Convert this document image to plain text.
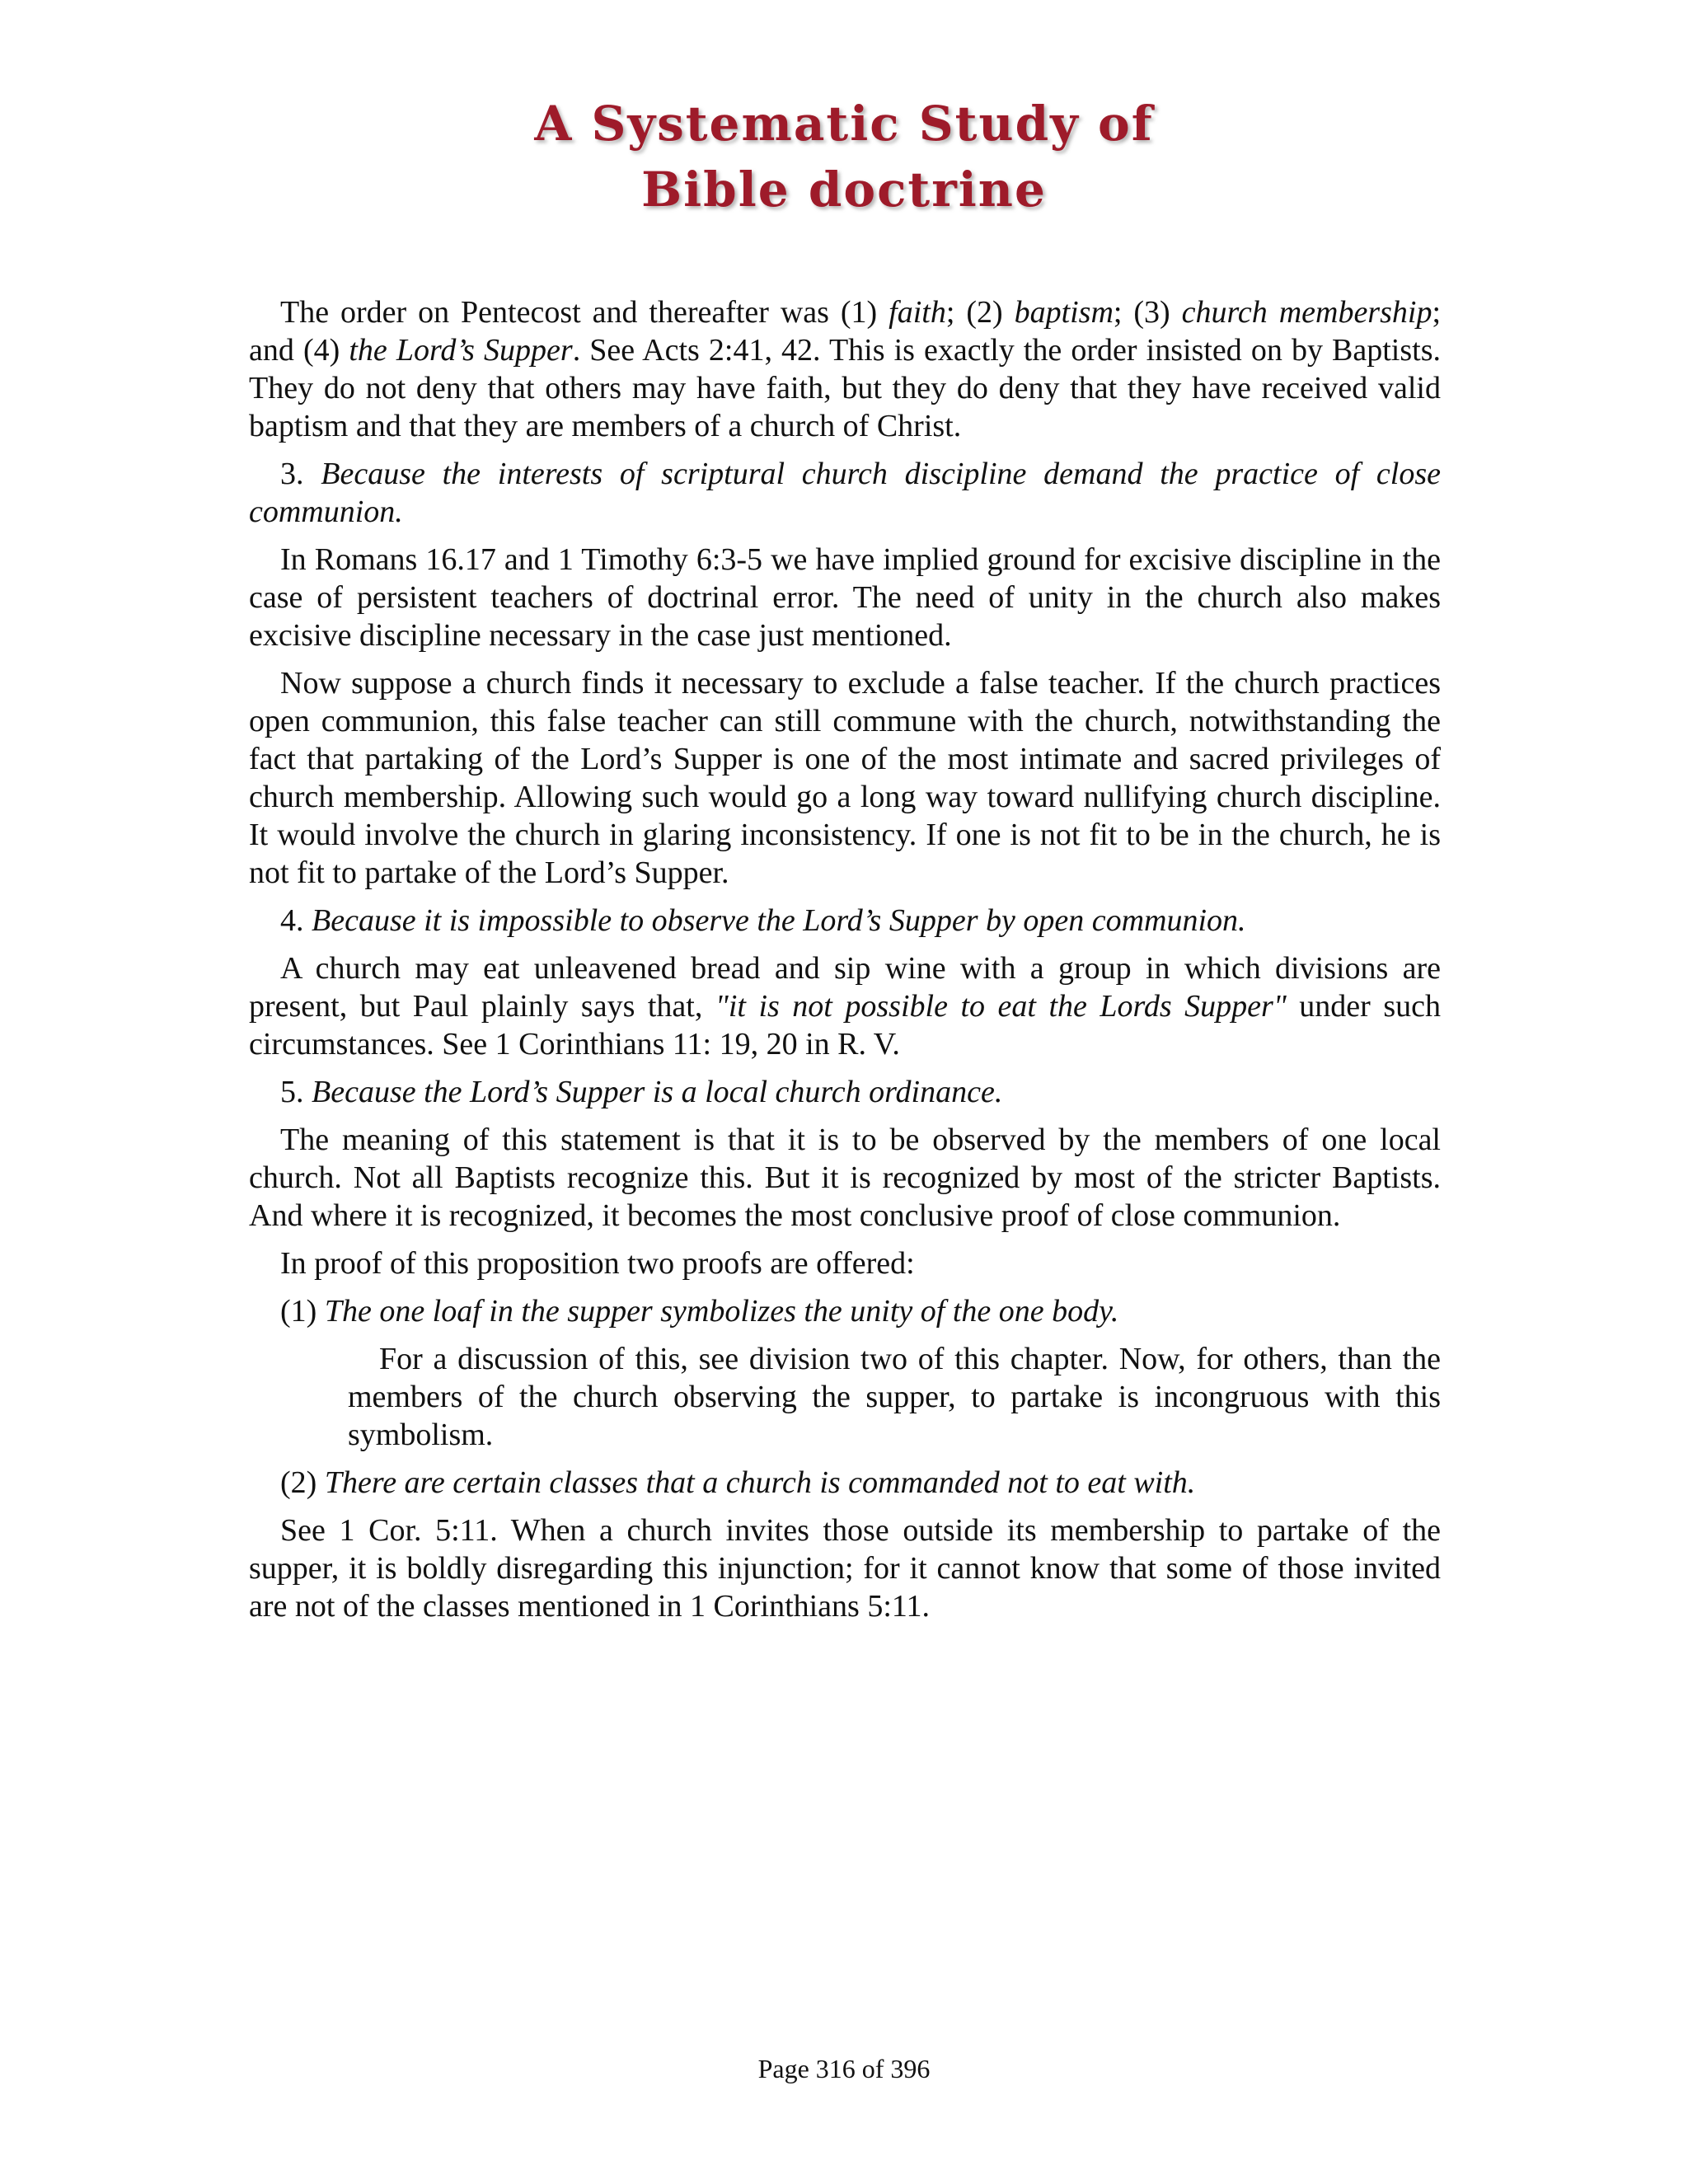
A Systematic Study of
Bible doctrine

The order on Pentecost and thereafter was (1) faith; (2) baptism; (3) church membership; and (4) the Lord’s Supper. See Acts 2:41, 42. This is exactly the order insisted on by Baptists. They do not deny that others may have faith, but they do deny that they have received valid baptism and that they are members of a church of Christ.

3. Because the interests of scriptural church discipline demand the practice of close communion.

In Romans 16.17 and 1 Timothy 6:3-5 we have implied ground for excisive discipline in the case of persistent teachers of doctrinal error. The need of unity in the church also makes excisive discipline necessary in the case just mentioned.

Now suppose a church finds it necessary to exclude a false teacher. If the church practices open communion, this false teacher can still commune with the church, notwithstanding the fact that partaking of the Lord’s Supper is one of the most intimate and sacred privileges of church membership. Allowing such would go a long way toward nullifying church discipline. It would involve the church in glaring inconsistency. If one is not fit to be in the church, he is not fit to partake of the Lord’s Supper.

4. Because it is impossible to observe the Lord’s Supper by open communion.

A church may eat unleavened bread and sip wine with a group in which divisions are present, but Paul plainly says that, "it is not possible to eat the Lords Supper" under such circumstances. See 1 Corinthians 11: 19, 20 in R. V.

5. Because the Lord’s Supper is a local church ordinance.

The meaning of this statement is that it is to be observed by the members of one local church. Not all Baptists recognize this. But it is recognized by most of the stricter Baptists. And where it is recognized, it becomes the most conclusive proof of close communion.

In proof of this proposition two proofs are offered:

(1) The one loaf in the supper symbolizes the unity of the one body.

For a discussion of this, see division two of this chapter. Now, for others, than the members of the church observing the supper, to partake is incongruous with this symbolism.

(2) There are certain classes that a church is commanded not to eat with.

See 1 Cor. 5:11. When a church invites those outside its membership to partake of the supper, it is boldly disregarding this injunction; for it cannot know that some of those invited are not of the classes mentioned in 1 Corinthians 5:11.

Page 316 of 396
